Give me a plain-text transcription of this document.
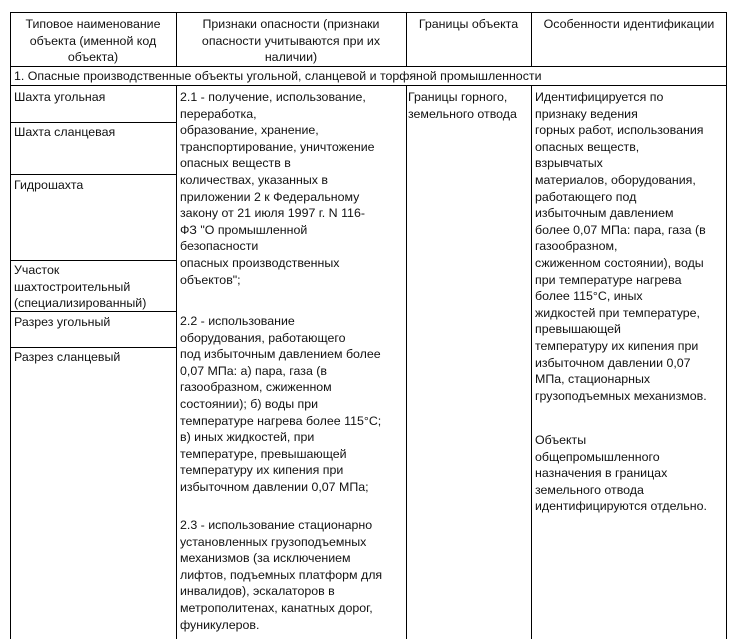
Типовое наименование
объекта (именной код
объекта)
Признаки опасности (признаки
опасности учитываются при их
наличии)
Границы объекта	Особенности идентификации
1. Опасные производственные объекты угольной, сланцевой и торфяной промышленности
Шахта угольная
Шахта сланцевая
Гидрошахта
Участок
шахтостроительный
(специализированный)
Разрез угольный
Разрез сланцевый
2.1 - получение, использование,
переработка,
образование, хранение,
транспортирование, уничтожение
опасных веществ в
количествах, указанных в
приложении 2 к Федеральному
закону от 21 июля 1997 г. N 116-
ФЗ "О промышленной
безопасности
опасных производственных
объектов";
2.2 - использование
оборудования, работающего
под избыточным давлением более
0,07 МПа: а) пара, газа (в
газообразном, сжиженном
состоянии); б) воды при
температуре нагрева более 115°С;
в) иных жидкостей, при
температуре, превышающей
температуру их кипения при
избыточном давлении 0,07 МПа;
2.3 - использование стационарно
установленных грузоподъемных
механизмов (за исключением
лифтов, подъемных платформ для
инвалидов), эскалаторов в
метрополитенах, канатных дорог,
фуникулеров.
Границы горного,
земельного отвода
Идентифицируется по
признаку ведения
горных работ, использования
опасных веществ,
взрывчатых
материалов, оборудования,
работающего под
избыточным давлением
более 0,07 МПа: пара, газа (в
газообразном,
сжиженном состоянии), воды
при температуре нагрева
более 115°С, иных
жидкостей при температуре,
превышающей
температуру их кипения при
избыточном давлении 0,07
МПа, стационарных
грузоподъемных механизмов.
Объекты
общепромышленного
назначения в границах
земельного отвода
идентифицируются отдельно.
